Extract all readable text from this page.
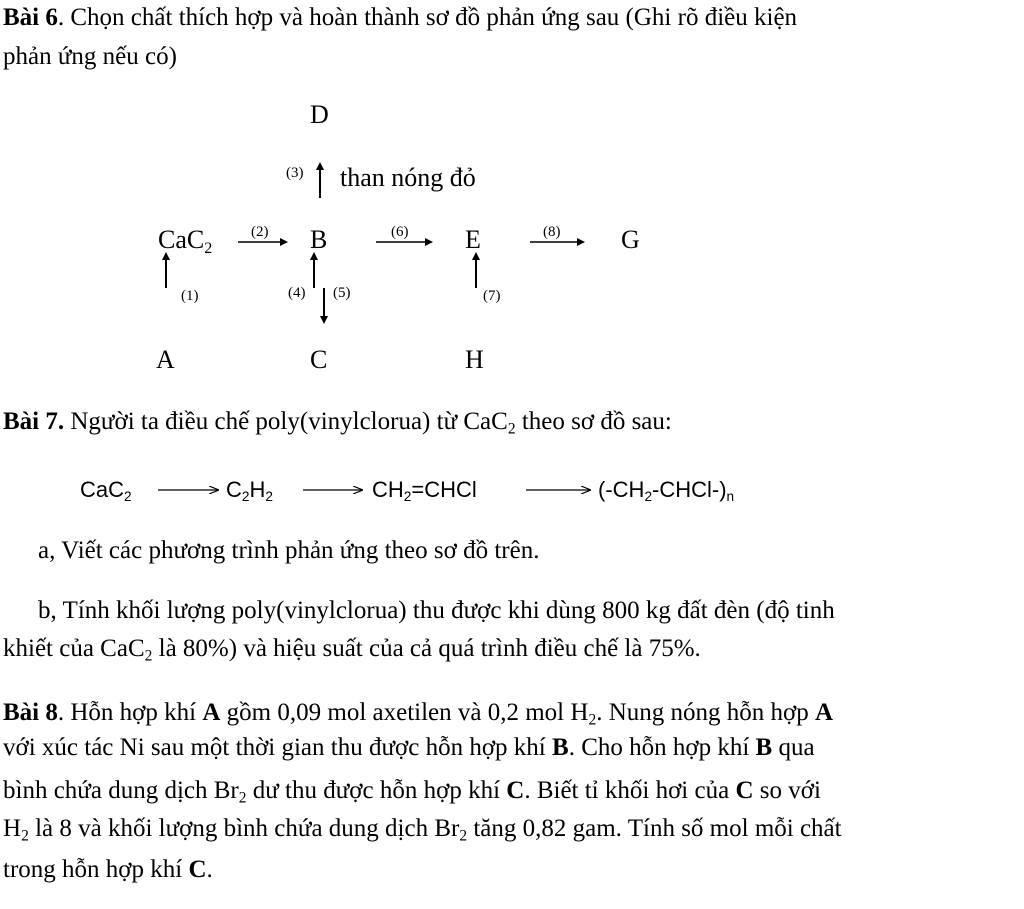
Bài 6. Chọn chất thích hợp và hoàn thành sơ đồ phản ứng sau (Ghi rõ điều kiện
phản ứng nếu có)
D
(3) than nóng đỏ
CaC$_2$
(2) B	(6) E	(8) G
(1)	(4) (5)	(7)
A	C	H
Bài 7. Người ta điều chế poly(vinylclorua) từ CaC$_2$ theo sơ đồ sau:
CaC$_2$	$C_2H_2$	$CH_2=CHCl$	$(-CH_2-CHCl-)_n$
a, Viết các phương trình phản ứng theo sơ đồ trên.
b, Tính khối lượng poly(vinylclorua) thu được khi dùng 800 kg đất đèn (độ tinh
khiết của CaC$_2$ là 80%) và hiệu suất của cả quá trình điều chế là 75%.
Bài 8. Hỗn hợp khí A gồm 0,09 mol axetilen và 0,2 mol $H_2$. Nung nóng hỗn hợp A
với xúc tác Ni sau một thời gian thu được hỗn hợp khí B. Cho hỗn hợp khí B qua
bình chứa dung dịch $Br_2$ dư thu được hỗn hợp khí C. Biết tỉ khối hơi của C so với
$H_2$ là 8 và khối lượng bình chứa dung dịch $Br_2$ tăng 0,82 gam. Tính số mol mỗi chất
trong hỗn hợp khí C.
